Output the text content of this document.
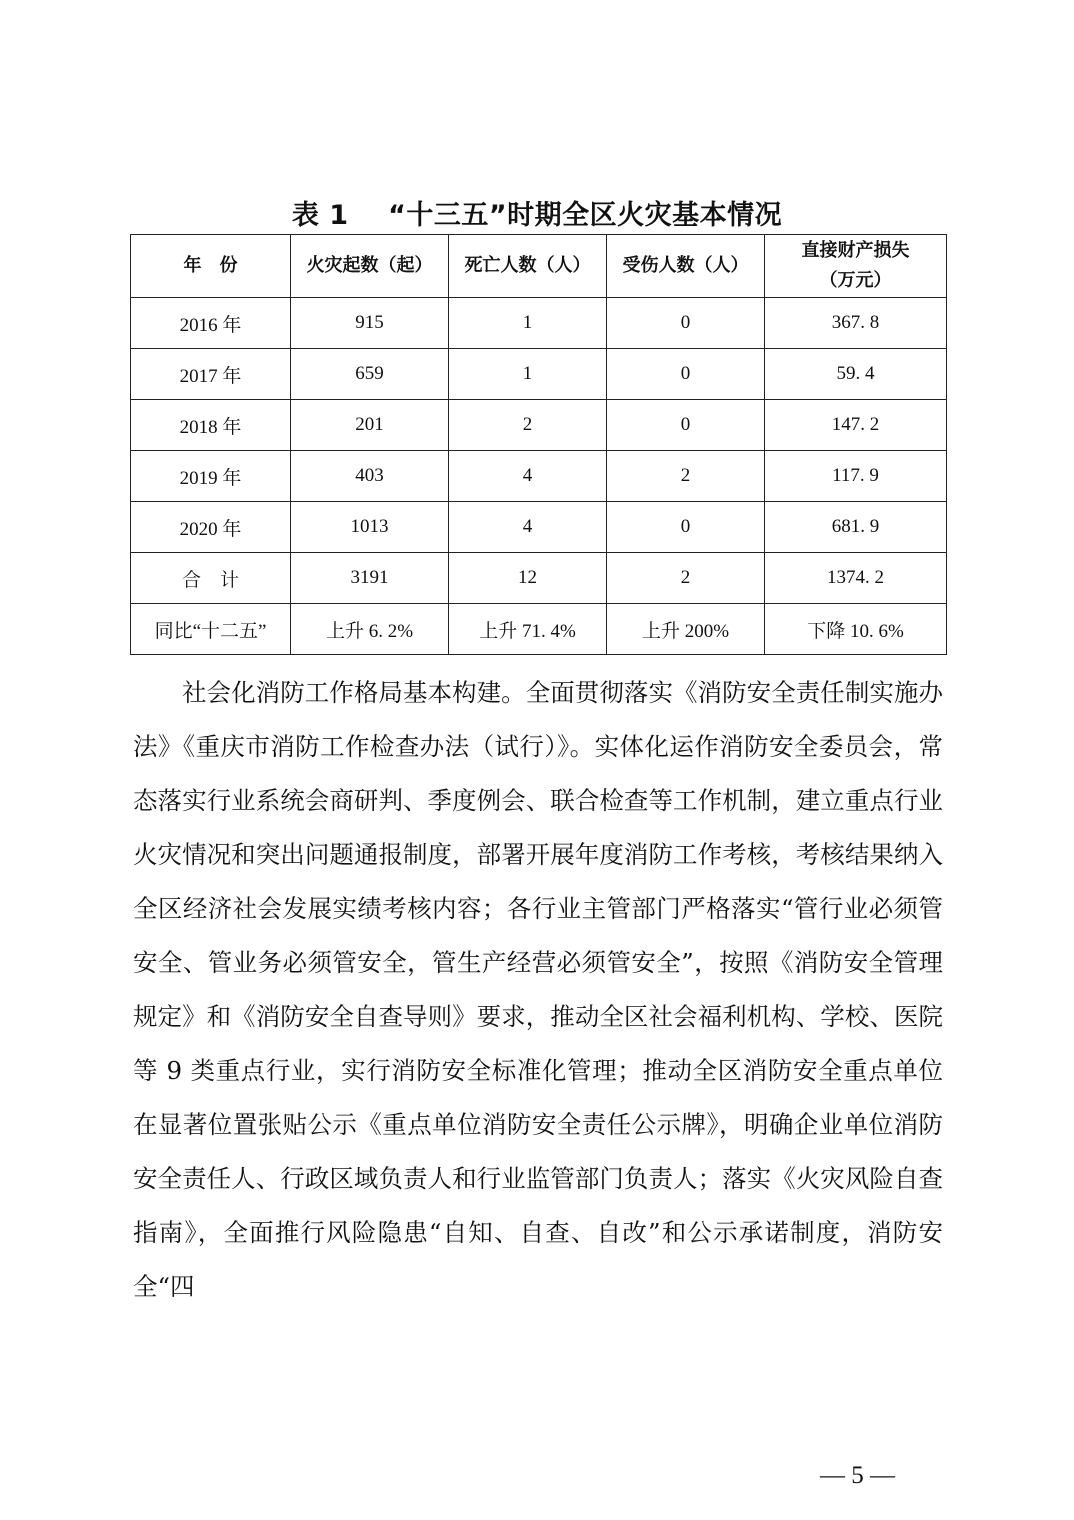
表 1    “十三五”时期全区火灾基本情况
年　份	火灾起数（起）	死亡人数（人）	受伤人数（人）	直接财产损失
（万元）

2016 年	915	1	0	367. 8
2017 年	659	1	0	59. 4
2018 年	201	2	0	147. 2
2019 年	403	4	2	117. 9
2020 年	1013	4	0	681. 9
合　计	3191	12	2	1374. 2
同比“十二五”	上升 6. 2%	上升 71. 4%	上升 200%	下降 10. 6%

社会化消防工作格局基本构建。全面贯彻落实《消防安全责任制实施办法》《重庆市消防工作检查办法（试行）》。实体化运作消防安全委员会，常态落实行业系统会商研判、季度例会、联合检查等工作机制，建立重点行业火灾情况和突出问题通报制度，部署开展年度消防工作考核，考核结果纳入全区经济社会发展实绩考核内容；各行业主管部门严格落实“管行业必须管安全、管业务必须管安全，管生产经营必须管安全”，按照《消防安全管理规定》和《消防安全自查导则》要求，推动全区社会福利机构、学校、医院等 9 类重点行业，实行消防安全标准化管理；推动全区消防安全重点单位在显著位置张贴公示《重点单位消防安全责任公示牌》，明确企业单位消防安全责任人、行政区域负责人和行业监管部门负责人；落实《火灾风险自查指南》，全面推行风险隐患“自知、自查、自改”和公示承诺制度，消防安全“四

— 5 —
